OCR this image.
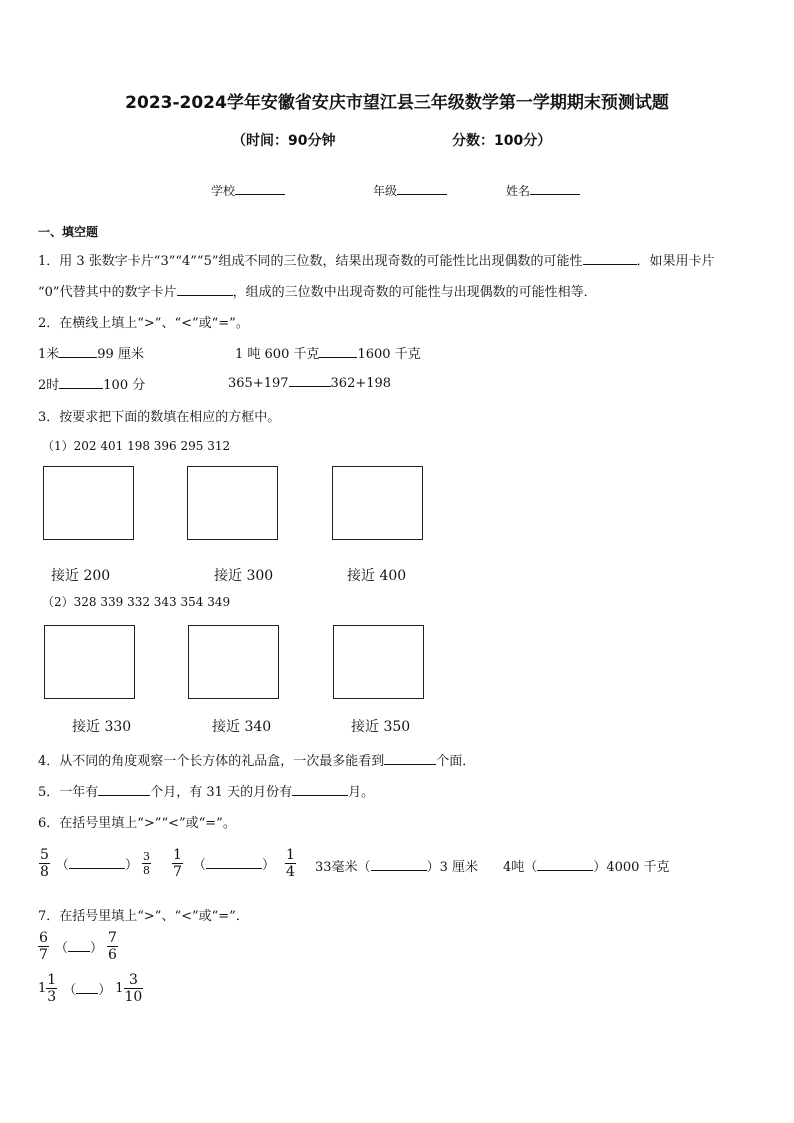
2023-2024学年安徽省安庆市望江县三年级数学第一学期期末预测试题
（时间：90分钟	分数：100分）
学校	年级	姓名
一、填空题
1．用 3 张数字卡片“3”“4”“5”组成不同的三位数，结果出现奇数的可能性比出现偶数的可能性	．如果用卡片
“0”代替其中的数字卡片	，组成的三位数中出现奇数的可能性与出现偶数的可能性相等．
2．在横线上填上“>”、“<”或“=”。
1米	99 厘米	1 吨 600 千克	1600 千克
2时	100 分	365+197	362+198
3．按要求把下面的数填在相应的方框中。
（1）202 401 198 396 295 312
接近 200	接近 300	接近 400
（2）328 339 332 343 354 349
接近 330	接近 340	接近 350
4．从不同的角度观察一个长方体的礼品盒，一次最多能看到	个面．
5．一年有	个月，有 31 天的月份有	月。
6．在括号里填上“>”“<”或“=”。
$\frac{5}{8}$ （	） $\frac{3}{8} \frac{1}{7}$ （	） $\frac{1}{4} 33$毫米 （	） 3 厘米 4吨 （	） 4000 千克
7．在括号里填上“>”、“<”或“=”．
$\frac{6}{7}$ （ ） $\frac{7}{6}$
$1 \frac{1}{3}$ （ ） $1 \frac{3}{10}$
